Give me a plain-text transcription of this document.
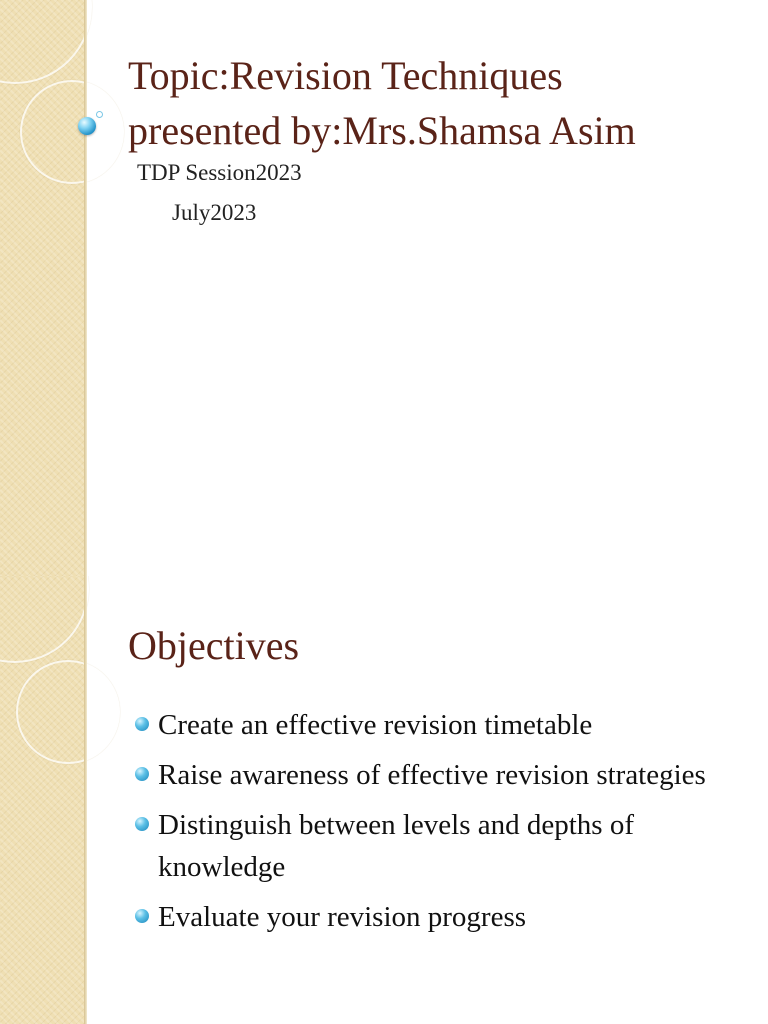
Topic:Revision Techniques
presented by:Mrs.Shamsa Asim

TDP Session2023

July2023

Objectives
Create an effective revision timetable
Raise awareness of effective revision strategies
Distinguish between levels and depths of knowledge
Evaluate your revision progress
